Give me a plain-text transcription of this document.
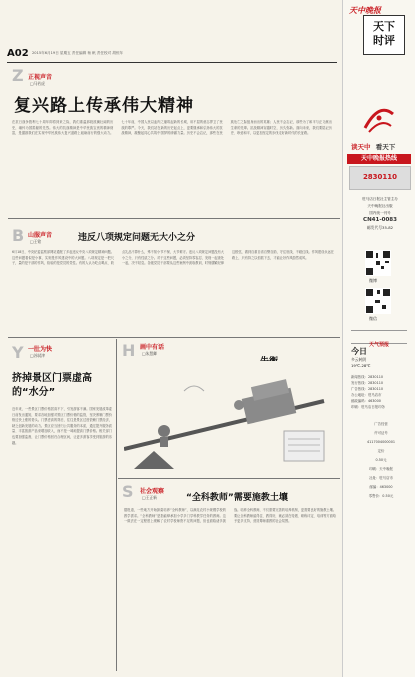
A02 2015年6月19日 星期五 责任编辑 杨 帆 责任校对 胡恒年
Z 正视声音
□马若虎
复兴路上传承伟大精神
在抗日战争胜利七十周年即将到来之际，我们重温那段波澜壮阔的历史，缅怀为国捐躯的先烈。伟大的抗战精神是中华民族宝贵的精神财富，是激励我们在实现中华民族伟大复兴道路上砥砺前行的强大动力。七十年前，中国人民以血肉之躯筑起新的长城，用不屈的意志捍卫了民族的尊严。今天，我们站在新的历史起点上，更要继承和弘扬伟大的抗战精神，凝聚起同心共筑中国梦的磅礴力量。历史不会忘记，那些在民族危亡之际挺身而出的英雄；人民不会忘记，那些为了和平与正义献出生命的先辈。抗战精神穿越时空，历久弥新。面向未来，我们要铭记历史、珍爱和平，以更加坚定的步伐走好新时代的长征路。
B 山服声音
□王铭	违反八项规定问题无大小之分
6月18日，中央纪委监察部网站通报了多起违反中央八项规定精神问题。这些问题看似是小事，实则是作风建设中的大问题。八项规定是一把尺子，量的是干部的作风，检验的是党员的党性。有的人认为吃点喝点、收点礼品不算什么，殊不知小节不保，大节难守。违反八项规定问题没有大小之分，只有性质之分。对于这些问题，必须坚持零容忍，发现一起查处一起，决不姑息。各级党员干部要从这些案例中汲取教训，时刻绷紧纪律这根弦，做到自重自省自警自励，守住底线，不碰红线。作风建设永远在路上，只有持之以恒抓下去，才能让好作风蔚然成风。
Y 一肚为快
□苏轼津
挤掉景区门票虚高的“水分”
近年来，一些景区门票价格居高不下，引发游客不满。国家发展改革委日前发出通知，要求各地加强对景区门票价格的监管，坚决遏制门票价格过快上涨的势头。门票虚高的背后，往往是景区过度依赖门票经济，缺乏创新发展的动力。景区应当回归公共服务的本质，通过提升服务质量、丰富旅游产品来增加收入，而不是一味地提高门票价格。相关部门也要加强监督，让门票价格回归合理区间，让更多游客享受到旅游的乐趣。
H 画中有话
□朱慧卿
S 社会观察
□王正新	“全科教师”需要施教土壤
据报道，一些地方开始探索培养“全科教师”，以满足农村小规模学校的教学需求。“全科教师”是指能够承担小学多门学科教学任务的教师。这一做法在一定程度上缓解了农村学校师资不足的问题，但也面临诸多挑战。培养全科教师，不仅需要完善的培养机制，更需要良好的施教土壤。要让全科教师留得住、教得好，就必须在待遇、职称评定、培训等方面给予更多支持，营造尊师重教的社会氛围。
天中晚报
天下时评
读天中 看天下
天中晚报热线
2830110
驻马店日报社主管主办
天中晚报社出版
国内统一刊号
CN41-0083
邮发代号35-82
微博
微信
天气预报
今日
多云转阴
19℃-28℃
新闻热线：2830110
发行热线：2830110
广告热线：2830110
办公地址：驻马店市
邮政编码：463000
印刷：驻马店日报印务
广告经营
许可证号
4117004000001
定价
0.50元
印刷：天中晚报
社址：驻马店市
邮编：463000
零售价：0.50元
